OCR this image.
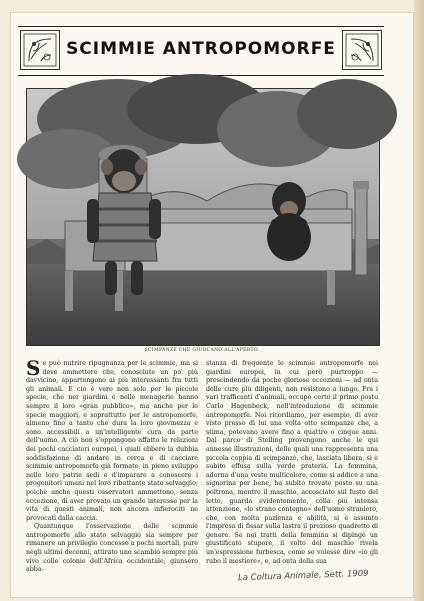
SCIMMIE ANTROPOMORFE
SCIMPANZÉ CHE GIUOCANO ALL'APERTO.

Se può nutrire ripugnanza per le scimmie, ma si deve ammettere che, conosciute un po' più davvicino, appartengono ai più interessanti fra tutti gli animali. E ciò è vero non solo per le piccole specie, che nei giardini e nelle menagerie hanno sempre il loro «gran pubblico», ma anche per le specie maggiori, e soprattutto per le antropomorfe, almeno fino a tanto che dura la loro giovinezza e sono accessibili a un'intelligente cura da parte dell'uomo. A ciò non s'oppongono affatto le relazioni dei pochi cacciatori europei, i quali ebbero la dubbia soddisfazione di andare in cerca e di cacciare scimmie antropomorfe già formate, in pieno sviluppo nelle loro patrie sedi e d'imparare a conoscere i progenitori umani nel loro ributtante stato selvaggio; poichè anche questi osservatori ammettono, senza eccezione, di aver provato un grande interesse per la vita di questi animali, non ancora infierociti ne provocati dalla caccia.

Quantunque l'osservazione delle scimmie antropomorfe allo stato selvaggio sia sempre per rimanere un privilegio concesso a pochi mortali, pure negli ultimi decenni, attirato uno scambio sempre più vivo colle colonie dell'Africa occidentale, giunsero abba-

stanza di frequente le scimmie antropomorfe nei giardini europei, in cui però purtroppo — prescindendo da poche gloriose eccezioni — ad onta delle cure più diligenti, non resistono a lungo. Fra i vari trafficanti d'animali, occupò certo il primo posto Carlo Hagenbeck, nell'introduzione di scimmie antropomorfe. Noi ricordiamo, per esempio, di aver visto presso di lui una volta otto scimpanzè che, a stima, potevano avere fino a quattro o cinque anni. Dal parco di Stelling provengono anche le qui annesse illustrazioni, delle quali una rappresenta una piccola coppia di scimpanzè, che, lasciata libera, si è subito effusa sulla verde prateria. La femmina, adorna d'una veste multicolore, come si addice a una signorina per bene, ha subito trovato posto su una poltrona, mentre il maschio, accosciato sul fusto del letto, guarda evidentemente, colla più intensa attenzione, «lo strano contegno» dell'uomo straniero, che, con molta pazienza e abilità, si è assunto l'impresa di fissar sulla lastra il prezioso quadretto di genere. Se nei tratti della femmina si dipinge un giustificato stupore, il volto del maschio rivela un'espressione furbesca, come se volesse dire «io gli rubo il mestiere», e, ad onta della sua

La Coltura Animale, Sett. 1909
